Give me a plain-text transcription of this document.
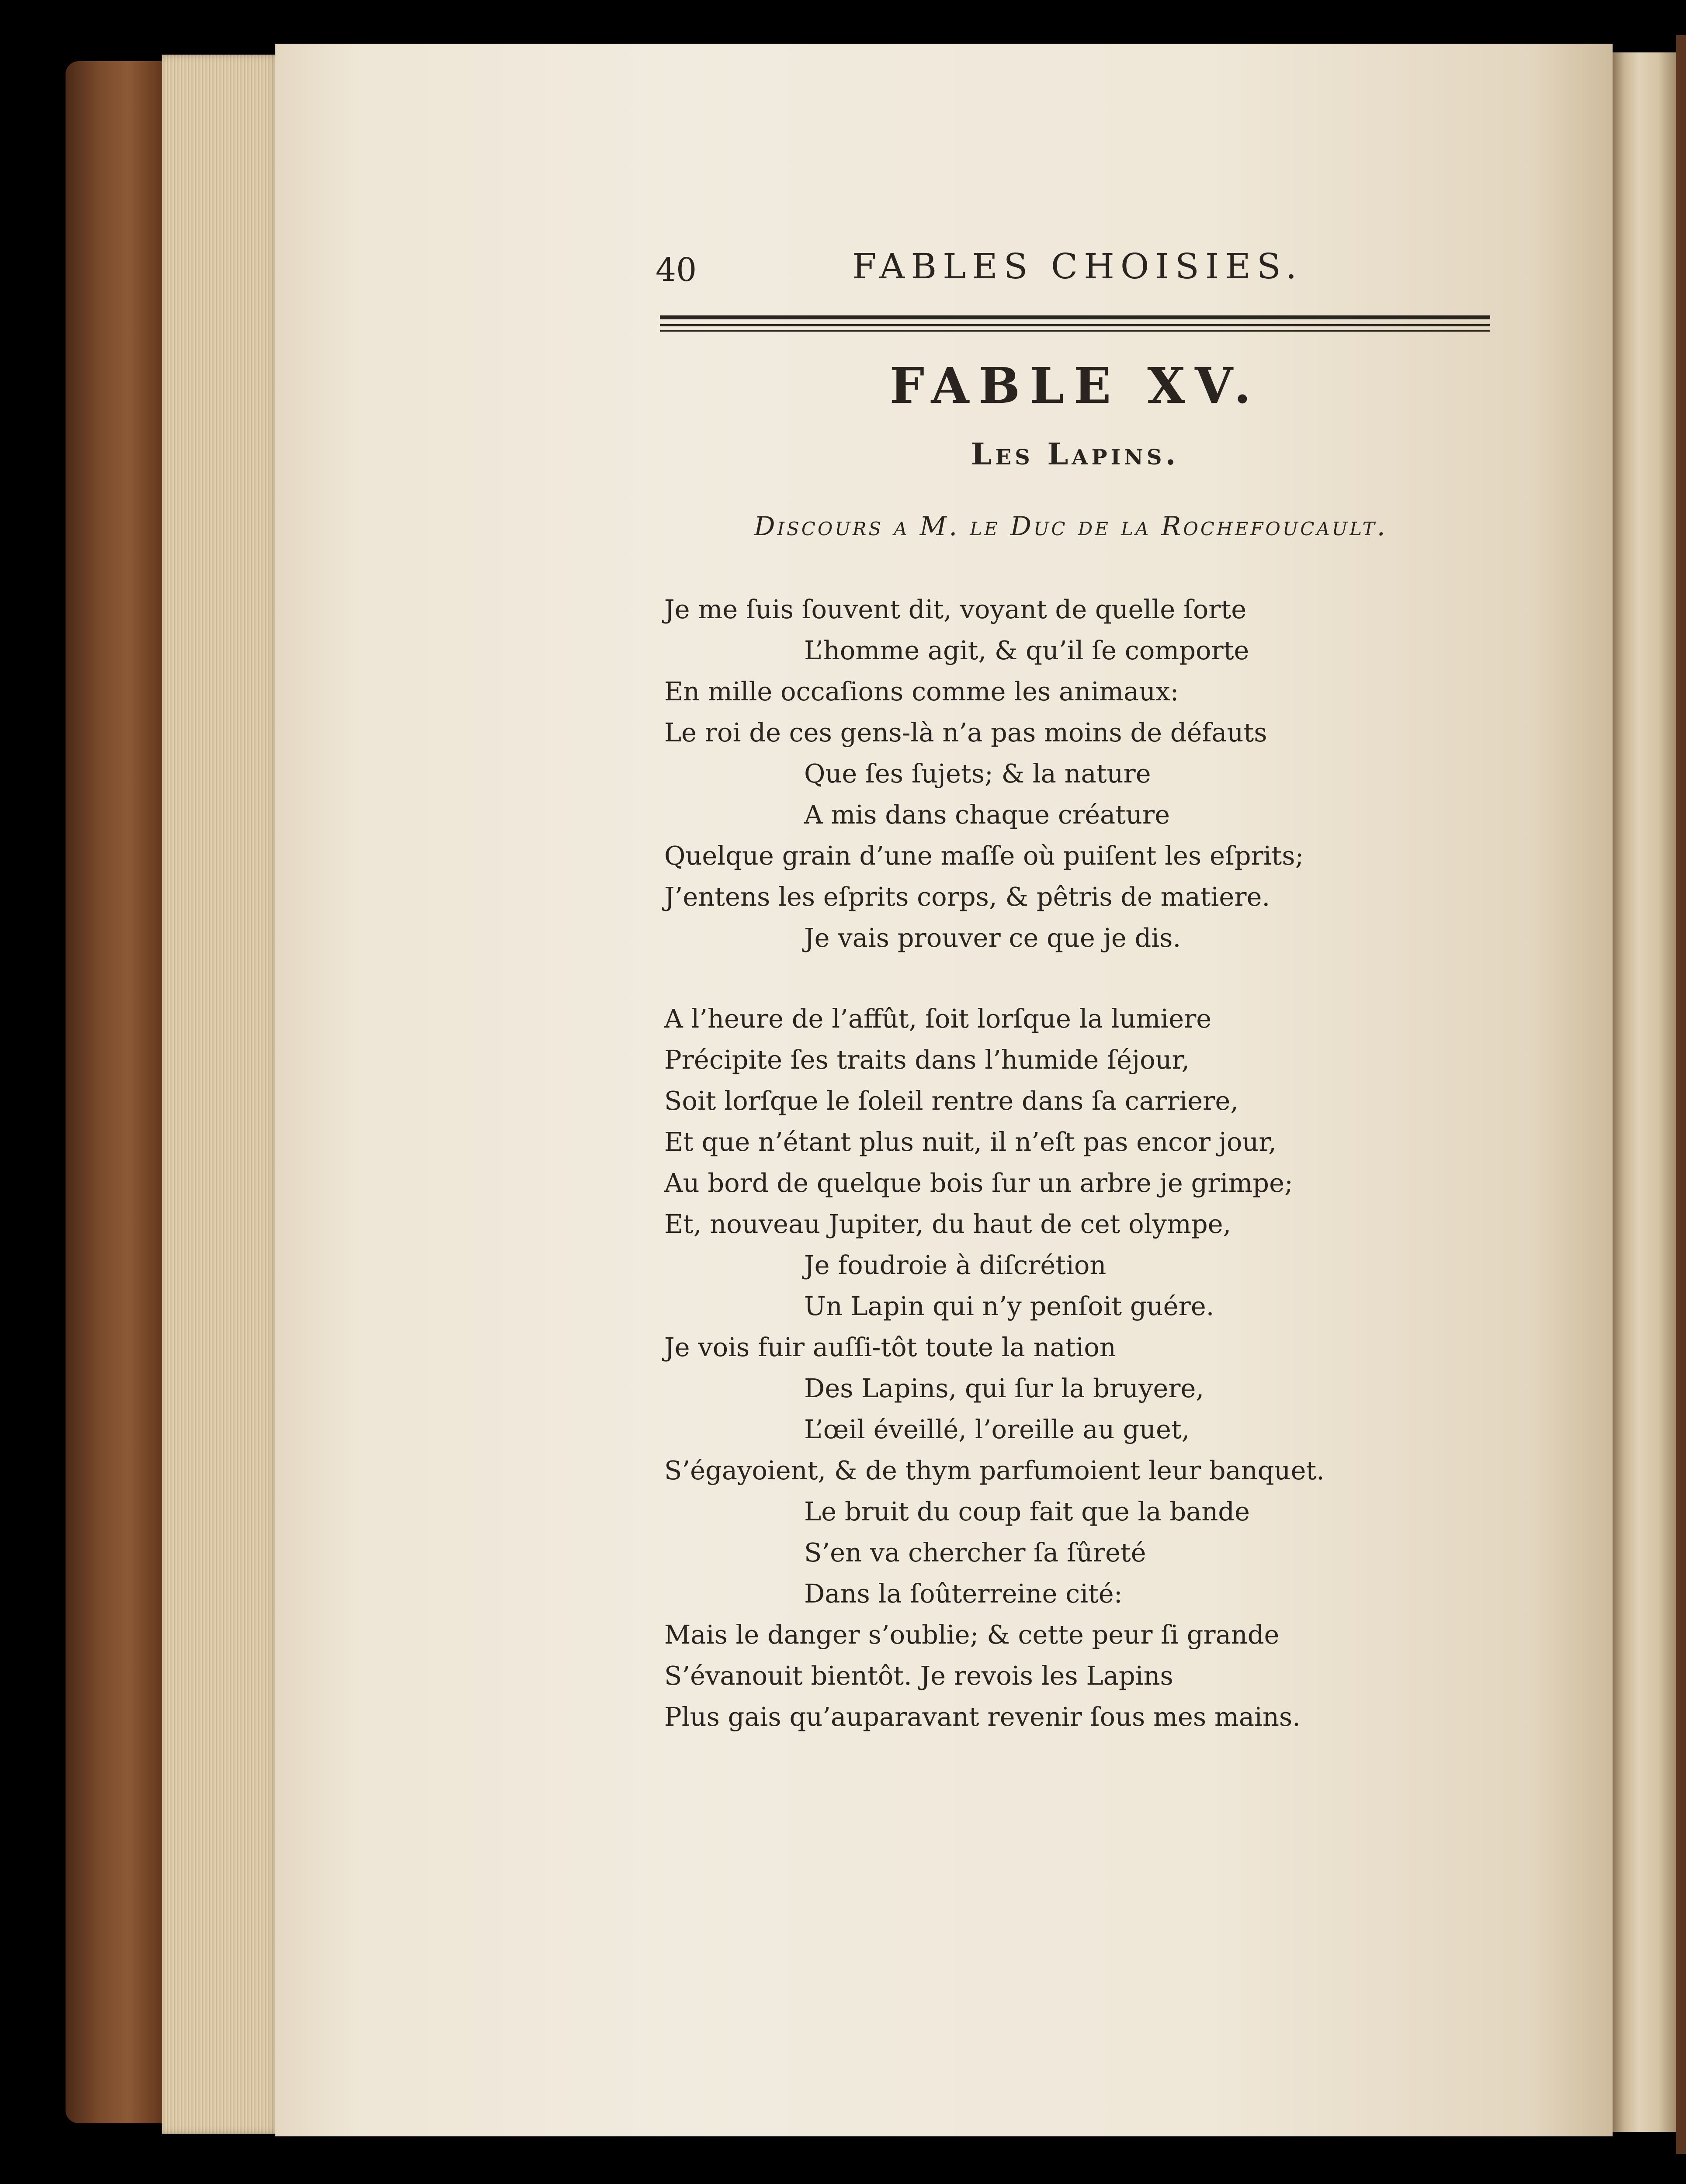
40	FABLES CHOISIES.
FABLE XV.
Les Lapins.

Discours a M. le Duc de la Rochefoucault.

Je me ſuis ſouvent dit, voyant de quelle ſorte
L’homme agit, & qu’il ſe comporte
En mille occaſions comme les animaux:
Le roi de ces gens-là n’a pas moins de défauts
Que ſes ſujets; & la nature
A mis dans chaque créature
Quelque grain d’une maſſe où puiſent les eſprits;
J’entens les eſprits corps, & pêtris de matiere.
Je vais prouver ce que je dis.
A l’heure de l’affût, ſoit lorſque la lumiere
Précipite ſes traits dans l’humide ſéjour,
Soit lorſque le ſoleil rentre dans ſa carriere,
Et que n’étant plus nuit, il n’eſt pas encor jour,
Au bord de quelque bois ſur un arbre je grimpe;
Et, nouveau Jupiter, du haut de cet olympe,
Je foudroie à diſcrétion
Un Lapin qui n’y penſoit guére.
Je vois fuir auſſi-tôt toute la nation
Des Lapins, qui ſur la bruyere,
L’œil éveillé, l’oreille au guet,
S’égayoient, & de thym parfumoient leur banquet.
Le bruit du coup fait que la bande
S’en va chercher ſa ſûreté
Dans la ſoûterreine cité:
Mais le danger s’oublie; & cette peur ſi grande
S’évanouit bientôt. Je revois les Lapins
Plus gais qu’auparavant revenir ſous mes mains.
